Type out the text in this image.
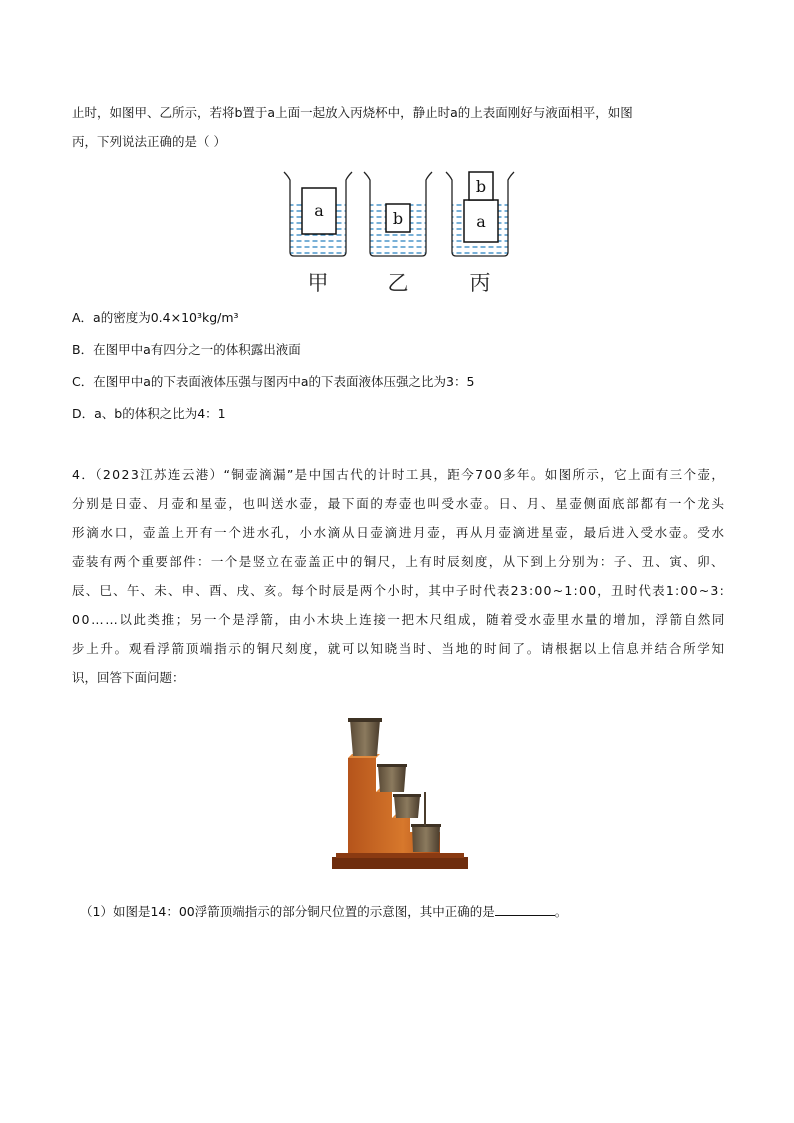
止时，如图甲、乙所示，若将b置于a上面一起放入丙烧杯中，静止时a的上表面刚好与液面相平，如图
丙，下列说法正确的是（ ）
a	b	a
b
甲	乙	丙
A．a的密度为0.4×10³kg/m³
B．在图甲中a有四分之一的体积露出液面
C．在图甲中a的下表面液体压强与图丙中a的下表面液体压强之比为3：5
D．a、b的体积之比为4：1
4．（2023江苏连云港）“铜壶滴漏”是中国古代的计时工具，距今700多年。如图所示，它上面有三个壶，
分别是日壶、月壶和星壶，也叫送水壶，最下面的寿壶也叫受水壶。日、月、星壶侧面底部都有一个龙头
形滴水口，壶盖上开有一个进水孔，小水滴从日壶滴进月壶，再从月壶滴进星壶，最后进入受水壶。受水
壶装有两个重要部件：一个是竖立在壶盖正中的铜尺，上有时辰刻度，从下到上分别为：子、丑、寅、卯、
辰、巳、午、未、申、酉、戌、亥。每个时辰是两个小时，其中子时代表23:00~1:00，丑时代表1:00~3:
00……以此类推；另一个是浮箭，由小木块上连接一把木尺组成，随着受水壶里水量的增加，浮箭自然同
步上升。观看浮箭顶端指示的铜尺刻度，就可以知晓当时、当地的时间了。请根据以上信息并结合所学知
识，回答下面问题：
（1）如图是14：00浮箭顶端指示的部分铜尺位置的示意图，其中正确的是	。
